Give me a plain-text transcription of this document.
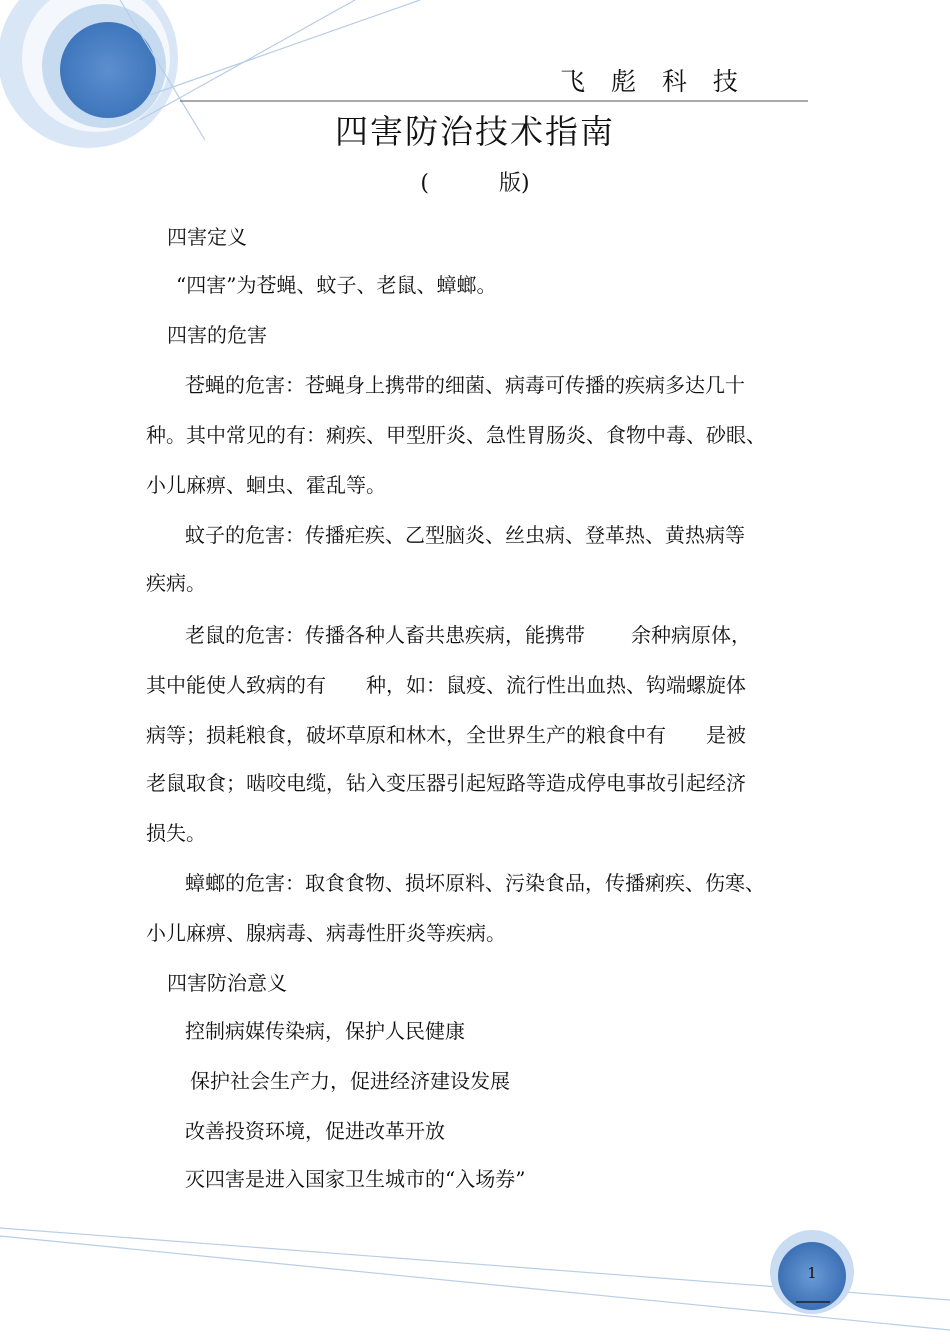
飞 彪 科 技
四害防治技术指南
(	版)
四害定义
“四害”为苍蝇、蚊子、老鼠、蟑螂。
四害的危害
苍蝇的危害：苍蝇身上携带的细菌、病毒可传播的疾病多达几十
种。其中常见的有：痢疾、甲型肝炎、急性胃肠炎、食物中毒、砂眼、
小儿麻痹、蛔虫、霍乱等。
蚊子的危害：传播疟疾、乙型脑炎、丝虫病、登革热、黄热病等
疾病。
老鼠的危害：传播各种人畜共患疾病，能携带 余种病原体，
其中能使人致病的有 种，如：鼠疫、流行性出血热、钩端螺旋体
病等；损耗粮食，破坏草原和林木，全世界生产的粮食中有 是被
老鼠取食；啮咬电缆，钻入变压器引起短路等造成停电事故引起经济
损失。
蟑螂的危害：取食食物、损坏原料、污染食品，传播痢疾、伤寒、
小儿麻痹、腺病毒、病毒性肝炎等疾病。
四害防治意义
控制病媒传染病，保护人民健康
保护社会生产力，促进经济建设发展
改善投资环境，促进改革开放
灭四害是进入国家卫生城市的“入场券”
1
